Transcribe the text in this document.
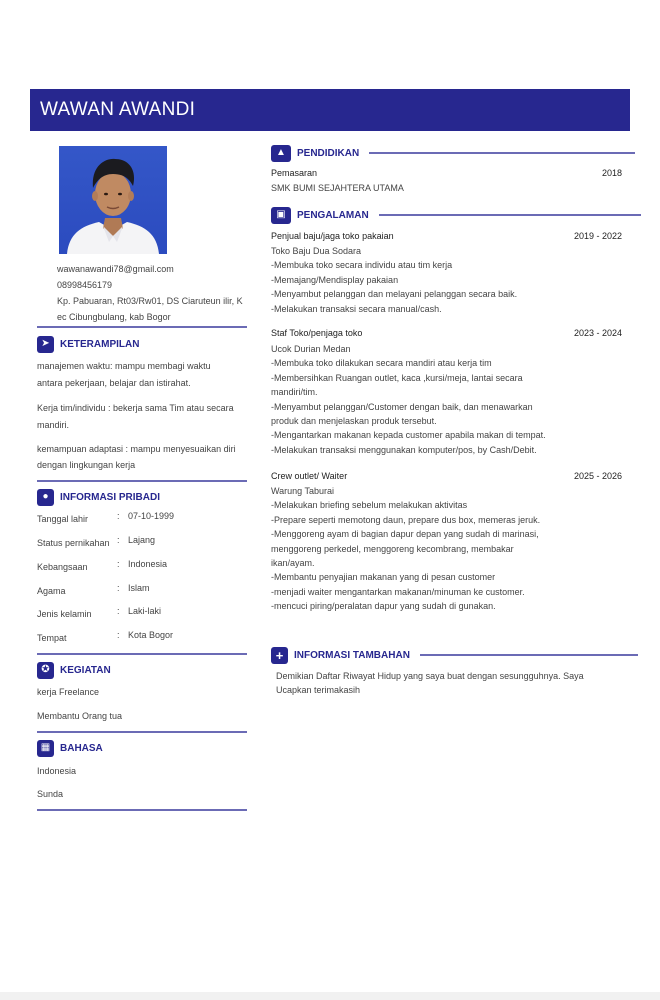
WAWAN AWANDI
wawanawandi78@gmail.com
08998456179
Kp. Pabuaran, Rt03/Rw01, DS Ciaruteun ilir, K
ec Cibungbulang, kab Bogor
➤	KETERAMPILAN
manajemen waktu: mampu membagi waktu
antara pekerjaan, belajar dan istirahat.
Kerja tim/individu : bekerja sama Tim atau secara
mandiri.
kemampuan adaptasi : mampu menyesuaikan diri
dengan lingkungan kerja
●	INFORMASI PRIBADI
Tanggal lahir	: 07-10-1999
Status pernikahan : Lajang
Kebangsaan	: Indonesia
Agama	: Islam
Jenis kelamin	: Laki-laki
Tempat	: Kota Bogor
✪	KEGIATAN
kerja Freelance
Membantu Orang tua
▦ BAHASA
Indonesia
Sunda
▲	PENDIDIKAN
Pemasaran	2018
SMK BUMI SEJAHTERA UTAMA
▣	PENGALAMAN
Penjual baju/jaga toko pakaian	2019 - 2022
Toko Baju Dua Sodara
-Membuka toko secara individu atau tim kerja
-Memajang/Mendisplay pakaian
-Menyambut pelanggan dan melayani pelanggan secara baik.
-Melakukan transaksi secara manual/cash.
Staf Toko/penjaga toko	2023 - 2024
Ucok Durian Medan
-Membuka toko dilakukan secara mandiri atau kerja tim
-Membersihkan Ruangan outlet, kaca ,kursi/meja, lantai secara
mandiri/tim.
-Menyambut pelanggan/Customer dengan baik, dan menawarkan
produk dan menjelaskan produk tersebut.
-Mengantarkan makanan kepada customer apabila makan di tempat.
-Melakukan transaksi menggunakan komputer/pos, by Cash/Debit.
Crew outlet/ Waiter	2025 - 2026
Warung Taburai
-Melakukan briefing sebelum melakukan aktivitas
-Prepare seperti memotong daun, prepare dus box, memeras jeruk.
-Menggoreng ayam di bagian dapur depan yang sudah di marinasi,
menggoreng perkedel, menggoreng kecombrang, membakar
ikan/ayam.
-Membantu penyajian makanan yang di pesan customer
-menjadi waiter mengantarkan makanan/minuman ke customer.
-mencuci piring/peralatan dapur yang sudah di gunakan.
+	INFORMASI TAMBAHAN
Demikian Daftar Riwayat Hidup yang saya buat dengan sesungguhnya. Saya
Ucapkan terimakasih
